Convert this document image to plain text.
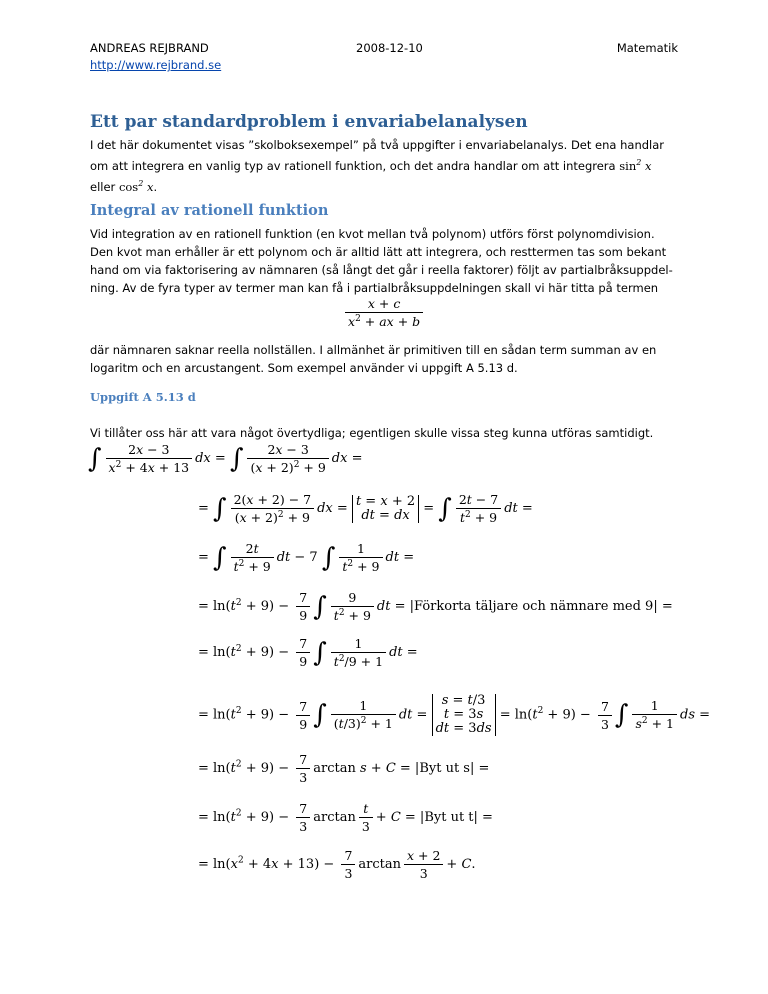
ANDREAS REJBRAND	2008-12-10	Matematik
http://www.rejbrand.se
Ett par standardproblem i envariabelanalysen
I det här dokumentet visas ”skolboksexempel” på två uppgifter i envariabelanalys. Det ena handlar om att integrera en vanlig typ av rationell funktion, och det andra handlar om att integrera $\sin^2 x$
eller $\cos^2 x$.
Integral av rationell funktion
Vid integration av en rationell funktion (en kvot mellan två polynom) utförs först polynomdivision. Den kvot man erhåller är ett polynom och är alltid lätt att integrera, och resttermen tas som bekant hand om via faktorisering av nämnaren (så långt det går i reella faktorer) följt av partialbråksuppdel-ning. Av de fyra typer av termer man kan få i partialbråksuppdelningen skall vi här titta på termen
$\frac{x + c}{x^2 + ax + b}$
där nämnaren saknar reella nollställen. I allmänhet är primitiven till en sådan term summan av en logaritm och en arcustangent. Som exempel använder vi uppgift A 5.13 d.
Uppgift A 5.13 d
Vi tillåter oss här att vara något övertydliga; egentligen skulle vissa steg kunna utföras samtidigt.
∫ $\frac{2x - 3}{x^2 + 4x + 13}$ dx = ∫ $\frac{2x - 3}{(x + 2)^2 + 9}$ dx =
= ∫ $\frac{2(x + 2) - 7}{(x + 2)^2 + 9}$ dx = t = x + 2
dt = dx = ∫ $\frac{2t - 7}{t^2 + 9}$ dt =
= ∫ $\frac{2t}{t^2 + 9}$ dt − 7 ∫ $\frac{1}{t^2 + 9}$ dt =
= $\ln(t^2 + 9) - \frac{7}{9}$ ∫ $\frac{9}{t^2 + 9}$ dt = |Förkorta täljare och nämnare med 9| =
= $\ln(t^2 + 9) - \frac{7}{9}$ ∫ $\frac{1}{t^2/9 + 1}$ dt =
= $\ln(t^2 + 9) - \frac{7}{9}$ ∫ $\frac{1}{(t/3)^2 + 1}$ dt =
s = t/3
t = 3s
dt = 3ds
= $\ln(t^2 + 9) - \frac{7}{3}$ ∫ $\frac{1}{s^2 + 1}$ ds =
= $\ln(t^2 + 9) - \frac{7}{3}$ arctan s + C = |Byt ut s| =
= $\ln(t^2 + 9) - \frac{7}{3}$ $\arctan \frac{t}{3} + C = |Byt$ ut t| =
= $\ln(x^2 + 4x + 13) - \frac{7}{3}$ $\arctan \frac{x + 2}{3} + C$.
